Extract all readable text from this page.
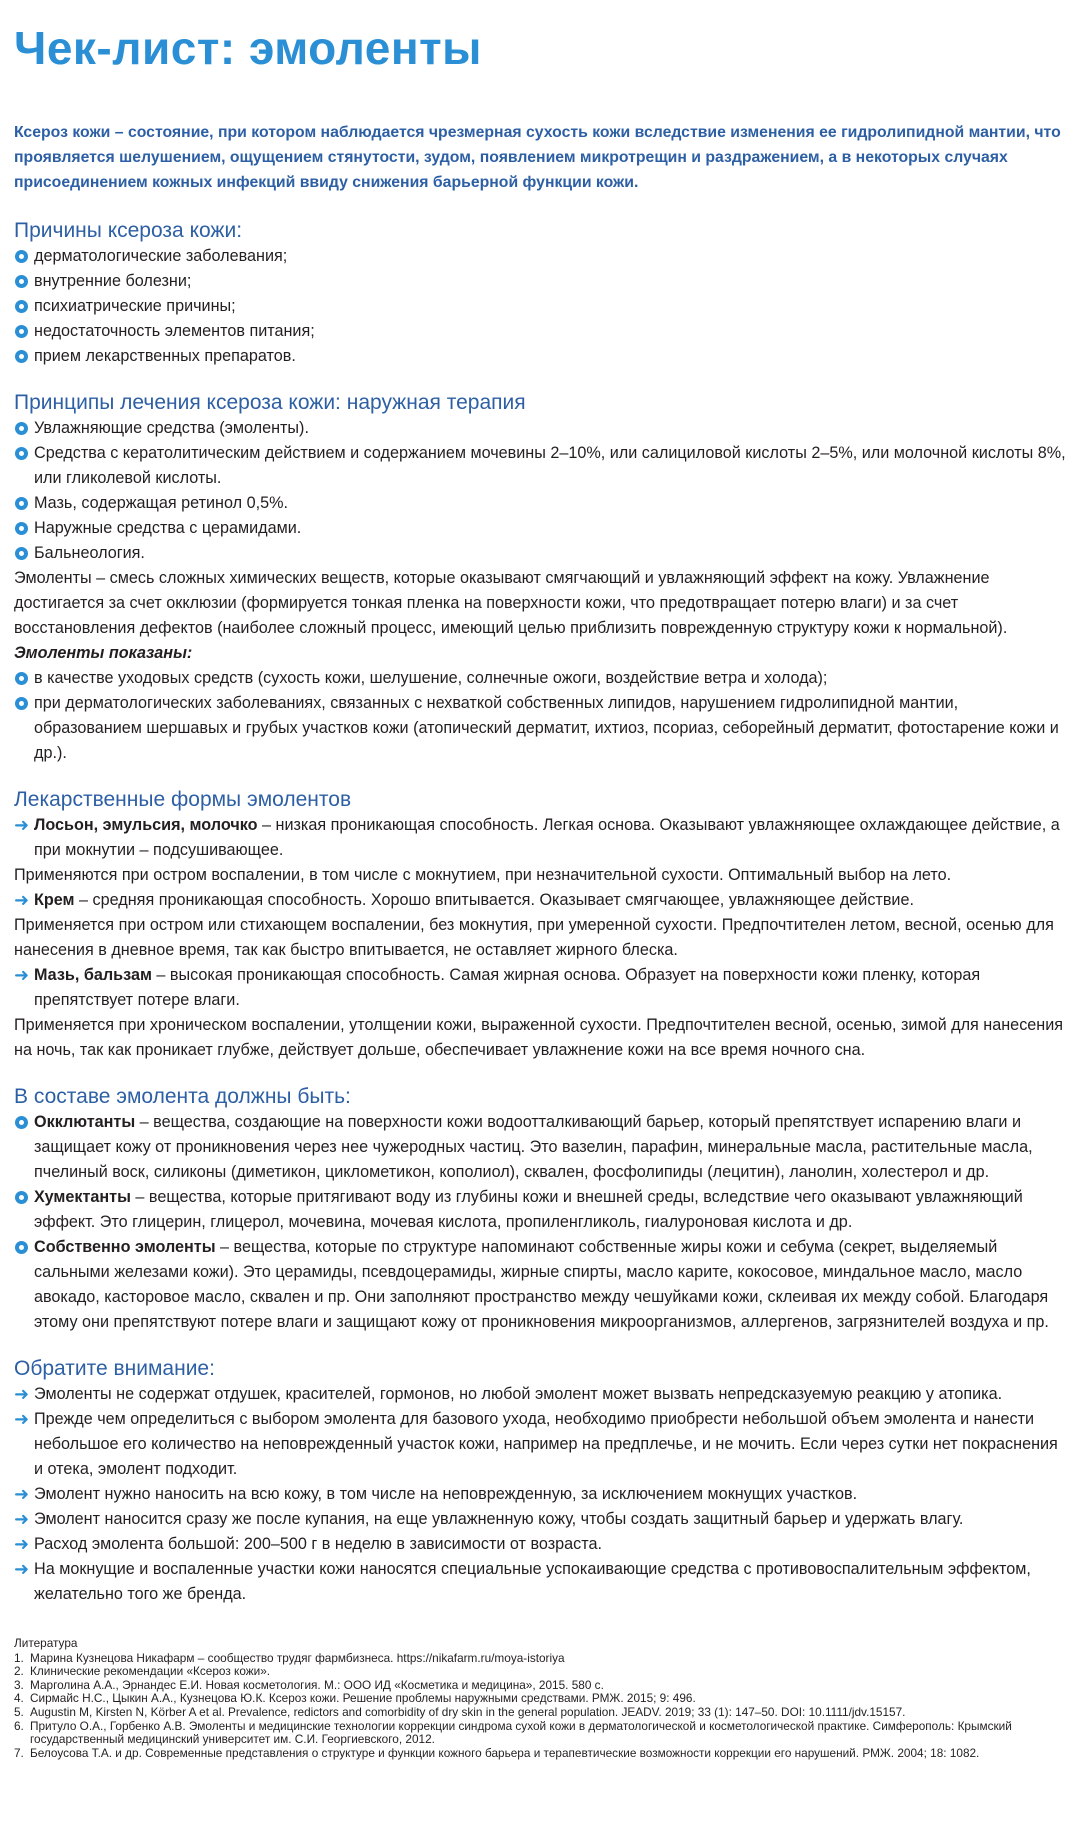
Чек-лист: эмоленты

Ксероз кожи – состояние, при котором наблюдается чрезмерная сухость кожи вследствие изменения ее гидролипидной мантии, что проявляется шелушением, ощущением стянутости, зудом, появлением микротрещин и раздражением, а в некоторых случаях присоединением кожных инфекций ввиду снижения барьерной функции кожи.

Причины ксероза кожи:
дерматологические заболевания;
внутренние болезни;
психиатрические причины;
недостаточность элементов питания;
прием лекарственных препаратов.
Принципы лечения ксероза кожи: наружная терапия
Увлажняющие средства (эмоленты).
Средства с кератолитическим действием и содержанием мочевины 2–10%, или салициловой кислоты 2–5%, или молочной кислоты 8%, или гликолевой кислоты.
Мазь, содержащая ретинол 0,5%.
Наружные средства с церамидами.
Бальнеология.
Эмоленты – смесь сложных химических веществ, которые оказывают смягчающий и увлажняющий эффект на кожу. Увлажнение достигается за счет окклюзии (формируется тонкая пленка на поверхности кожи, что предотвращает потерю влаги) и за счет восстановления дефектов (наиболее сложный процесс, имеющий целью приблизить поврежденную структуру кожи к нормальной).
Эмоленты показаны:
в качестве уходовых средств (сухость кожи, шелушение, солнечные ожоги, воздействие ветра и холода);
при дерматологических заболеваниях, связанных с нехваткой собственных липидов, нарушением гидролипидной мантии, образованием шершавых и грубых участков кожи (атопический дерматит, ихтиоз, псориаз, себорейный дерматит, фотостарение кожи и др.).
Лекарственные формы эмолентов
➜ Лосьон, эмульсия, молочко – низкая проникающая способность. Легкая основа. Оказывают увлажняющее охлаждающее действие, а при мокнутии – подсушивающее.
Применяются при остром воспалении, в том числе с мокнутием, при незначительной сухости. Оптимальный выбор на лето.
➜ Крем – средняя проникающая способность. Хорошо впитывается. Оказывает смягчающее, увлажняющее действие.
Применяется при остром или стихающем воспалении, без мокнутия, при умеренной сухости. Предпочтителен летом, весной, осенью для нанесения в дневное время, так как быстро впитывается, не оставляет жирного блеска.
➜ Мазь, бальзам – высокая проникающая способность. Самая жирная основа. Образует на поверхности кожи пленку, которая препятствует потере влаги.
Применяется при хроническом воспалении, утолщении кожи, выраженной сухости. Предпочтителен весной, осенью, зимой для нанесения на ночь, так как проникает глубже, действует дольше, обеспечивает увлажнение кожи на все время ночного сна.
В составе эмолента должны быть:
Окклютанты – вещества, создающие на поверхности кожи водоотталкивающий барьер, который препятствует испарению влаги и защищает кожу от проникновения через нее чужеродных частиц. Это вазелин, парафин, минеральные масла, растительные масла, пчелиный воск, силиконы (диметикон, циклометикон, кополиол), сквален, фосфолипиды (лецитин), ланолин, холестерол и др.
Хумектанты – вещества, которые притягивают воду из глубины кожи и внешней среды, вследствие чего оказывают увлажняющий эффект. Это глицерин, глицерол, мочевина, мочевая кислота, пропиленгликоль, гиалуроновая кислота и др.
Собственно эмоленты – вещества, которые по структуре напоминают собственные жиры кожи и себума (секрет, выделяемый сальными железами кожи). Это церамиды, псевдоцерамиды, жирные спирты, масло карите, кокосовое, миндальное масло, масло авокадо, касторовое масло, сквален и пр. Они заполняют пространство между чешуйками кожи, склеивая их между собой. Благодаря этому они препятствуют потере влаги и защищают кожу от проникновения микроорганизмов, аллергенов, загрязнителей воздуха и пр.
Обратите внимание:
➜ Эмоленты не содержат отдушек, красителей, гормонов, но любой эмолент может вызвать непредсказуемую реакцию у атопика.
➜ Прежде чем определиться с выбором эмолента для базового ухода, необходимо приобрести небольшой объем эмолента и нанести небольшое его количество на неповрежденный участок кожи, например на предплечье, и не мочить. Если через сутки нет покраснения и отека, эмолент подходит.
➜ Эмолент нужно наносить на всю кожу, в том числе на неповрежденную, за исключением мокнущих участков.
➜ Эмолент наносится сразу же после купания, на еще увлажненную кожу, чтобы создать защитный барьер и удержать влагу.
➜ Расход эмолента большой: 200–500 г в неделю в зависимости от возраста.
➜ На мокнущие и воспаленные участки кожи наносятся специальные успокаивающие средства с противовоспалительным эффектом, желательно того же бренда.
Литература
1. Марина Кузнецова Никафарм – сообщество трудяг фармбизнеса. https://nikafarm.ru/moya-istoriya
2. Клинические рекомендации «Ксероз кожи».
3. Марголина А.А., Эрнандес Е.И. Новая косметология. М.: ООО ИД «Косметика и медицина», 2015. 580 с.
4. Сирмайс Н.С., Цыкин А.А., Кузнецова Ю.К. Ксероз кожи. Решение проблемы наружными средствами. РМЖ. 2015; 9: 496.
5. Augustin M, Kirsten N, Körber A et al. Prevalence, redictors and comorbidity of dry skin in the general population. JEADV. 2019; 33 (1): 147–50. DOI: 10.1111/jdv.15157.
6. Притуло О.А., Горбенко А.В. Эмоленты и медицинские технологии коррекции синдрома сухой кожи в дерматологической и косметологической практике. Симферополь: Крымский государственный медицинский университет им. С.И. Георгиевского, 2012.
7. Белоусова Т.А. и др. Современные представления о структуре и функции кожного барьера и терапевтические возможности коррекции его нарушений. РМЖ. 2004; 18: 1082.
